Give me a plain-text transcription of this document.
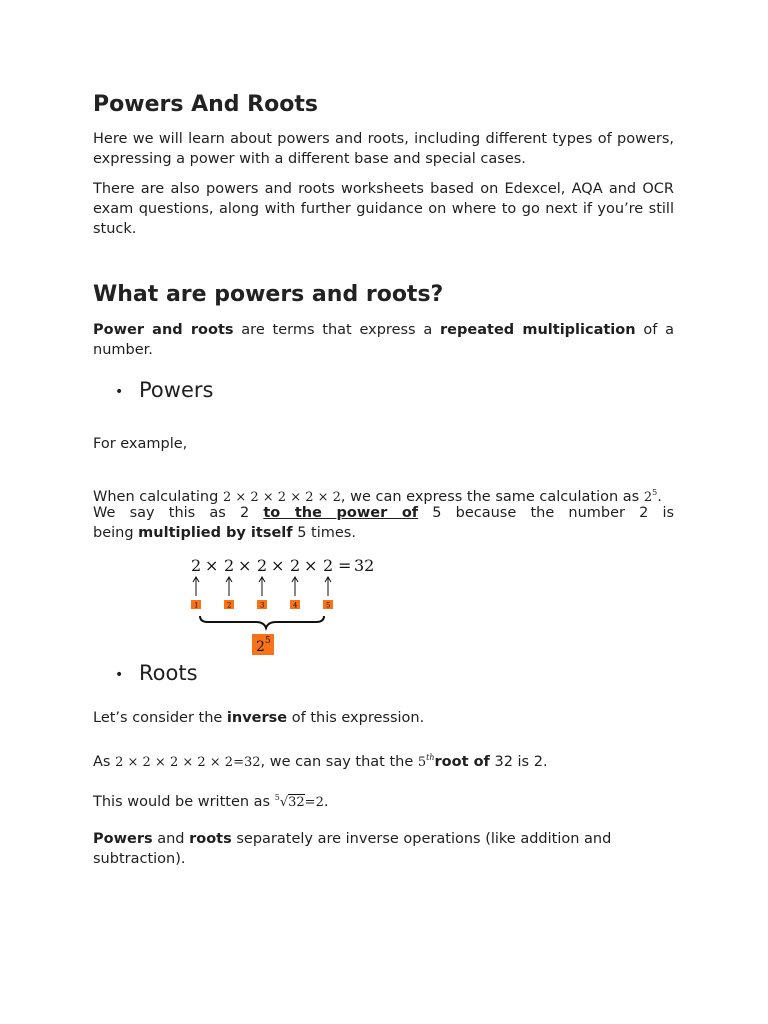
Powers And Roots

Here we will learn about powers and roots, including different types of powers, expressing a power with a different base and special cases.

There are also powers and roots worksheets based on Edexcel, AQA and OCR exam questions, along with further guidance on where to go next if you’re still stuck.

What are powers and roots?

Power and roots are terms that express a repeated multiplication of a number.

• Powers

For example,

When calculating 2 × 2 × 2 × 2 × 2, we can express the same calculation as $2^5$.

We say this as 2 to the power of 5 because the number 2 is

being multiplied by itself 5 times.

2 × 2 × 2 × 2 × 2 = 32
1	2	3	4	5
2 5
• Roots

Let’s consider the inverse of this expression.

As 2 × 2 × 2 × 2 × 2=32, we can say that the 5throot of 32 is 2.

This would be written as $^5$√32=2.

Powers and roots separately are inverse operations (like addition and subtraction).
